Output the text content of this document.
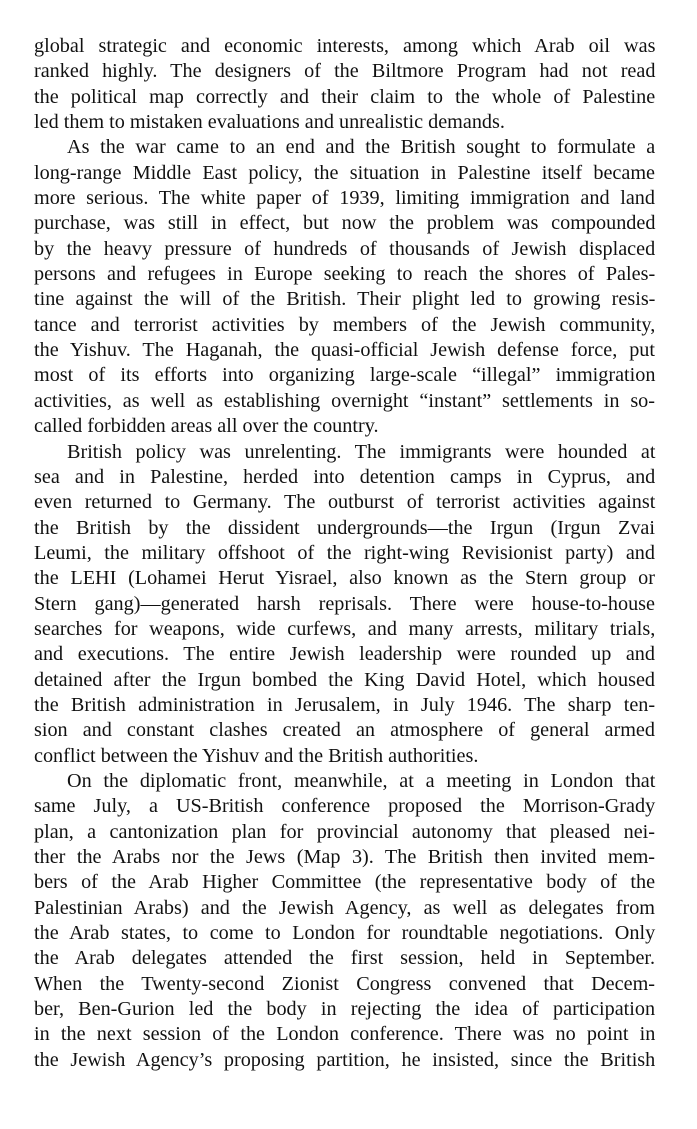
global strategic and economic interests, among which Arab oil was
ranked highly. The designers of the Biltmore Program had not read
the political map correctly and their claim to the whole of Palestine
led them to mistaken evaluations and unrealistic demands.
As the war came to an end and the British sought to formulate a
long-range Middle East policy, the situation in Palestine itself became
more serious. The white paper of 1939, limiting immigration and land
purchase, was still in effect, but now the problem was compounded
by the heavy pressure of hundreds of thousands of Jewish displaced
persons and refugees in Europe seeking to reach the shores of Pales-
tine against the will of the British. Their plight led to growing resis-
tance and terrorist activities by members of the Jewish community,
the Yishuv. The Haganah, the quasi-official Jewish defense force, put
most of its efforts into organizing large-scale “illegal” immigration
activities, as well as establishing overnight “instant” settlements in so-
called forbidden areas all over the country.
British policy was unrelenting. The immigrants were hounded at
sea and in Palestine, herded into detention camps in Cyprus, and
even returned to Germany. The outburst of terrorist activities against
the British by the dissident undergrounds—the Irgun (Irgun Zvai
Leumi, the military offshoot of the right-wing Revisionist party) and
the LEHI (Lohamei Herut Yisrael, also known as the Stern group or
Stern gang)—generated harsh reprisals. There were house-to-house
searches for weapons, wide curfews, and many arrests, military trials,
and executions. The entire Jewish leadership were rounded up and
detained after the Irgun bombed the King David Hotel, which housed
the British administration in Jerusalem, in July 1946. The sharp ten-
sion and constant clashes created an atmosphere of general armed
conflict between the Yishuv and the British authorities.
On the diplomatic front, meanwhile, at a meeting in London that
same July, a US-British conference proposed the Morrison-Grady
plan, a cantonization plan for provincial autonomy that pleased nei-
ther the Arabs nor the Jews (Map 3). The British then invited mem-
bers of the Arab Higher Committee (the representative body of the
Palestinian Arabs) and the Jewish Agency, as well as delegates from
the Arab states, to come to London for roundtable negotiations. Only
the Arab delegates attended the first session, held in September.
When the Twenty-second Zionist Congress convened that Decem-
ber, Ben-Gurion led the body in rejecting the idea of participation
in the next session of the London conference. There was no point in
the Jewish Agency’s proposing partition, he insisted, since the British
